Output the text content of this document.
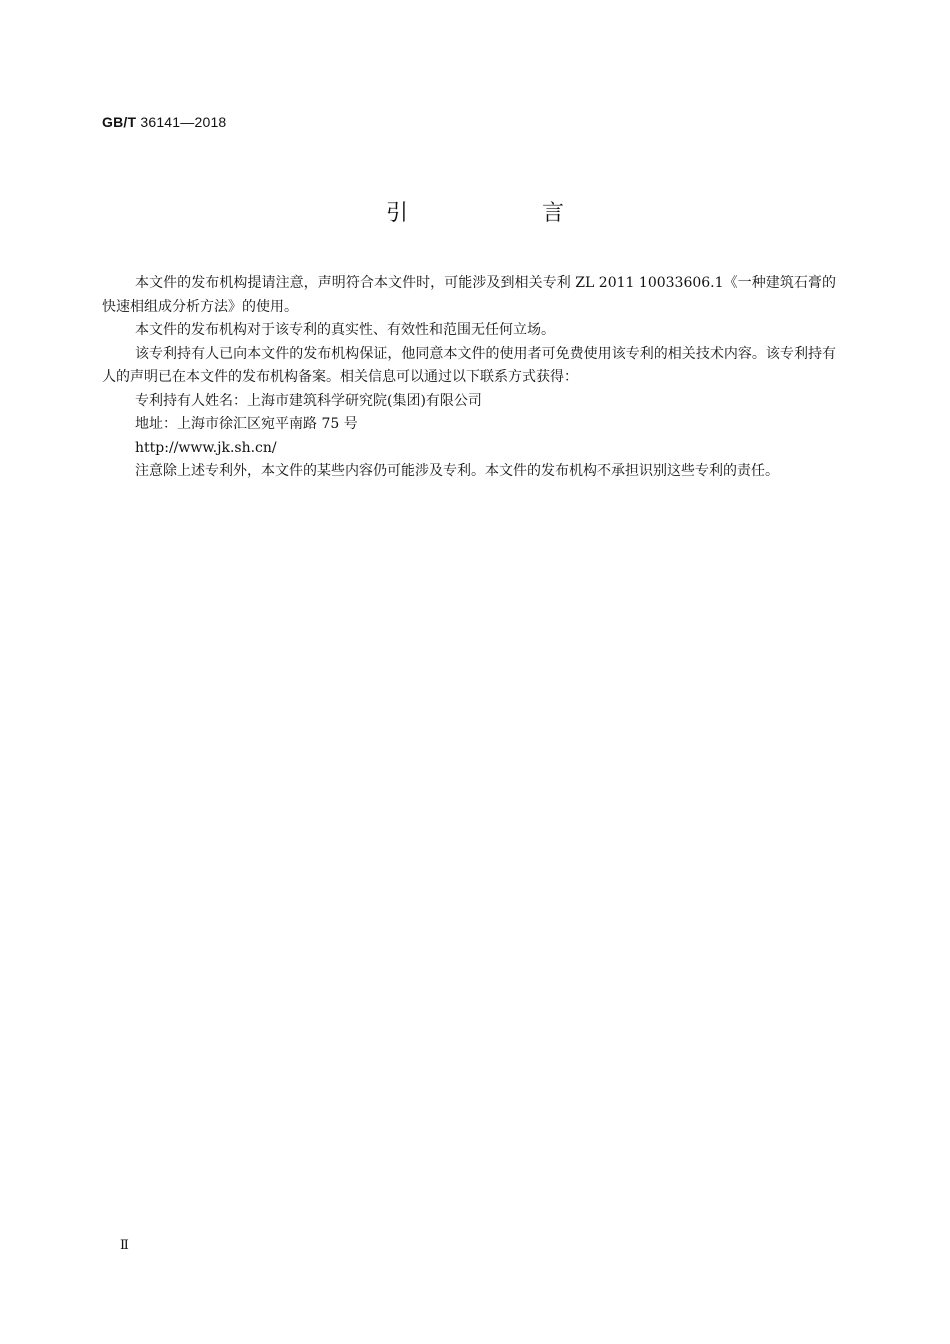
GB/T 36141—2018
引　言

本文件的发布机构提请注意，声明符合本文件时，可能涉及到相关专利 ZL 2011 10033606.1《一种建筑石膏的快速相组成分析方法》的使用。

本文件的发布机构对于该专利的真实性、有效性和范围无任何立场。

该专利持有人已向本文件的发布机构保证，他同意本文件的使用者可免费使用该专利的相关技术内容。该专利持有人的声明已在本文件的发布机构备案。相关信息可以通过以下联系方式获得：

专利持有人姓名：上海市建筑科学研究院(集团)有限公司

地址：上海市徐汇区宛平南路 75 号

http://www.jk.sh.cn/

注意除上述专利外，本文件的某些内容仍可能涉及专利。本文件的发布机构不承担识别这些专利的责任。

Ⅱ
